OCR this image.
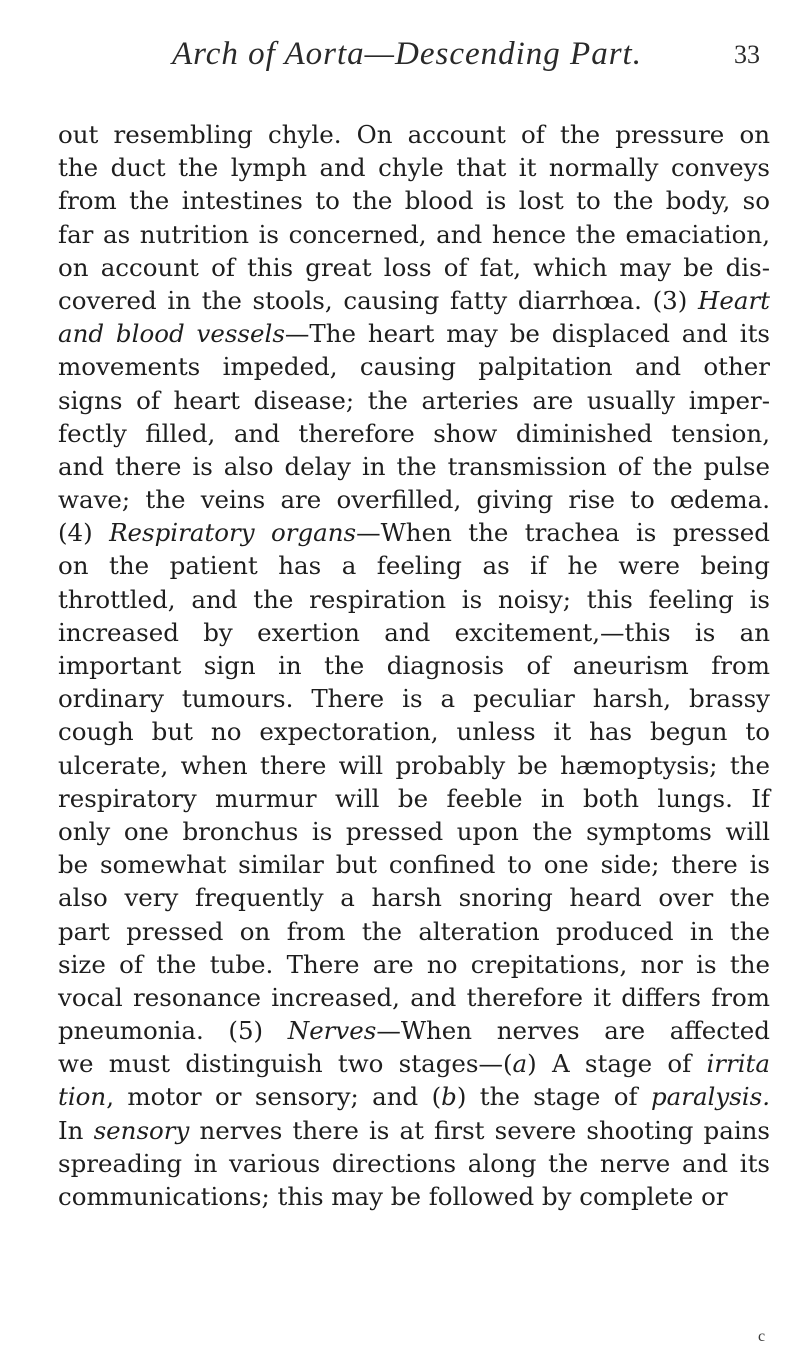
Arch of Aorta—Descending Part.	33
out resembling chyle. On account of the pressure on
the duct the lymph and chyle that it normally conveys
from the intestines to the blood is lost to the body, so
far as nutrition is concerned, and hence the emaciation,
on account of this great loss of fat, which may be dis-
covered in the stools, causing fatty diarrhœa. (3) Heart
and blood vessels—The heart may be displaced and its
movements impeded, causing palpitation and other
signs of heart disease; the arteries are usually imper-
fectly filled, and therefore show diminished tension,
and there is also delay in the transmission of the pulse
wave; the veins are overfilled, giving rise to œdema.
(4) Respiratory organs—When the trachea is pressed
on the patient has a feeling as if he were being
throttled, and the respiration is noisy; this feeling is
increased by exertion and excitement,—this is an
important sign in the diagnosis of aneurism from
ordinary tumours. There is a peculiar harsh, brassy
cough but no expectoration, unless it has begun to
ulcerate, when there will probably be hæmoptysis; the
respiratory murmur will be feeble in both lungs. If
only one bronchus is pressed upon the symptoms will
be somewhat similar but confined to one side; there is
also very frequently a harsh snoring heard over the
part pressed on from the alteration produced in the
size of the tube. There are no crepitations, nor is the
vocal resonance increased, and therefore it differs from
pneumonia. (5) Nerves—When nerves are affected
we must distinguish two stages—(a) A stage of irrita
tion, motor or sensory; and (b) the stage of paralysis.
In sensory nerves there is at first severe shooting pains
spreading in various directions along the nerve and its
communications; this may be followed by complete or
c
